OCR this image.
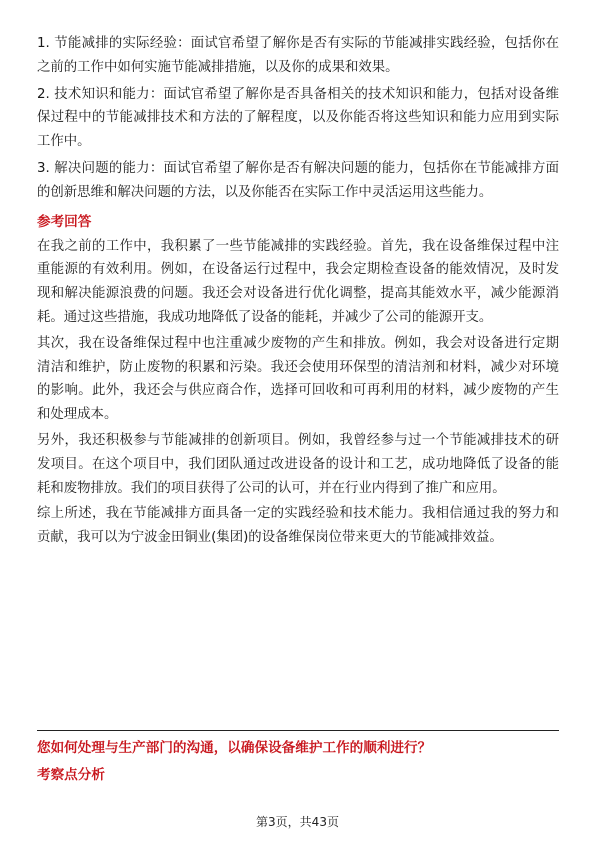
1. 节能减排的实际经验：面试官希望了解你是否有实际的节能减排实践经验，包括你在之前的工作中如何实施节能减排措施，以及你的成果和效果。

2. 技术知识和能力：面试官希望了解你是否具备相关的技术知识和能力，包括对设备维保过程中的节能减排技术和方法的了解程度，以及你能否将这些知识和能力应用到实际工作中。

3. 解决问题的能力：面试官希望了解你是否有解决问题的能力，包括你在节能减排方面的创新思维和解决问题的方法，以及你能否在实际工作中灵活运用这些能力。

参考回答

在我之前的工作中，我积累了一些节能减排的实践经验。首先，我在设备维保过程中注重能源的有效利用。例如，在设备运行过程中，我会定期检查设备的能效情况，及时发现和解决能源浪费的问题。我还会对设备进行优化调整，提高其能效水平，减少能源消耗。通过这些措施，我成功地降低了设备的能耗，并减少了公司的能源开支。

其次，我在设备维保过程中也注重减少废物的产生和排放。例如，我会对设备进行定期清洁和维护，防止废物的积累和污染。我还会使用环保型的清洁剂和材料，减少对环境的影响。此外，我还会与供应商合作，选择可回收和可再利用的材料，减少废物的产生和处理成本。

另外，我还积极参与节能减排的创新项目。例如，我曾经参与过一个节能减排技术的研发项目。在这个项目中，我们团队通过改进设备的设计和工艺，成功地降低了设备的能耗和废物排放。我们的项目获得了公司的认可，并在行业内得到了推广和应用。

综上所述，我在节能减排方面具备一定的实践经验和技术能力。我相信通过我的努力和贡献，我可以为宁波金田铜业(集团)的设备维保岗位带来更大的节能减排效益。

您如何处理与生产部门的沟通，以确保设备维护工作的顺利进行？
考察点分析
第3页，共43页
